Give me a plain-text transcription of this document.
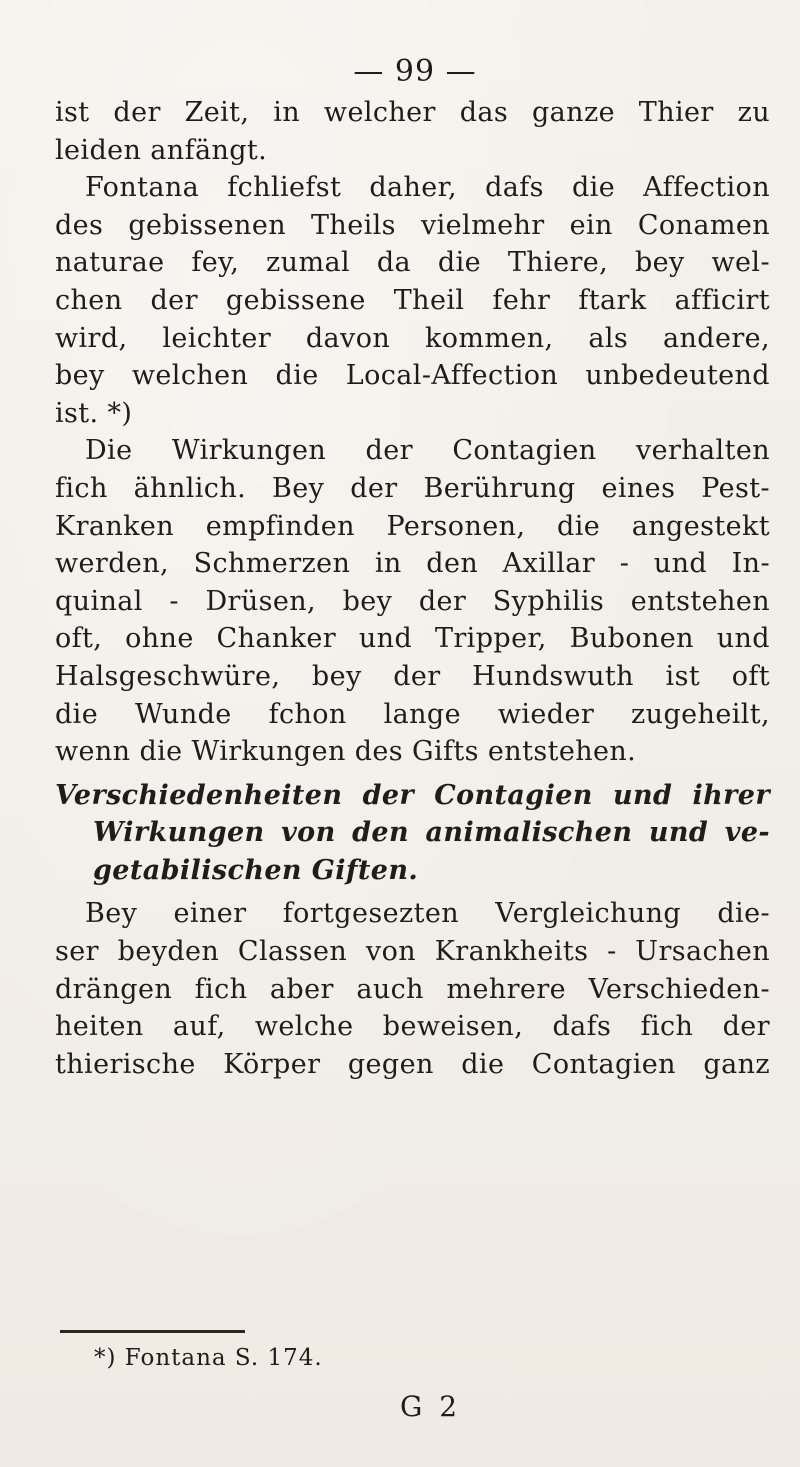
— 99 —
ist der Zeit, in welcher das ganze Thier zu
leiden anfängt.
Fontana fchliefst daher, dafs die Affection
des gebissenen Theils vielmehr ein Conamen
naturae fey, zumal da die Thiere, bey wel-
chen der gebissene Theil fehr ftark afficirt
wird, leichter davon kommen, als andere,
bey welchen die Local-Affection unbedeutend
ist. *)
Die Wirkungen der Contagien verhalten
fich ähnlich. Bey der Berührung eines Pest-
Kranken empfinden Personen, die angestekt
werden, Schmerzen in den Axillar - und In-
quinal - Drüsen, bey der Syphilis entstehen
oft, ohne Chanker und Tripper, Bubonen und
Halsgeschwüre, bey der Hundswuth ist oft
die Wunde fchon lange wieder zugeheilt,
wenn die Wirkungen des Gifts entstehen.
Verschiedenheiten der Contagien und ihrer
Wirkungen von den animalischen und ve-
getabilischen Giften.
Bey einer fortgesezten Vergleichung die-
ser beyden Classen von Krankheits - Ursachen
drängen fich aber auch mehrere Verschieden-
heiten auf, welche beweisen, dafs fich der
thierische Körper gegen die Contagien ganz
*) Fontana S. 174.
G 2
